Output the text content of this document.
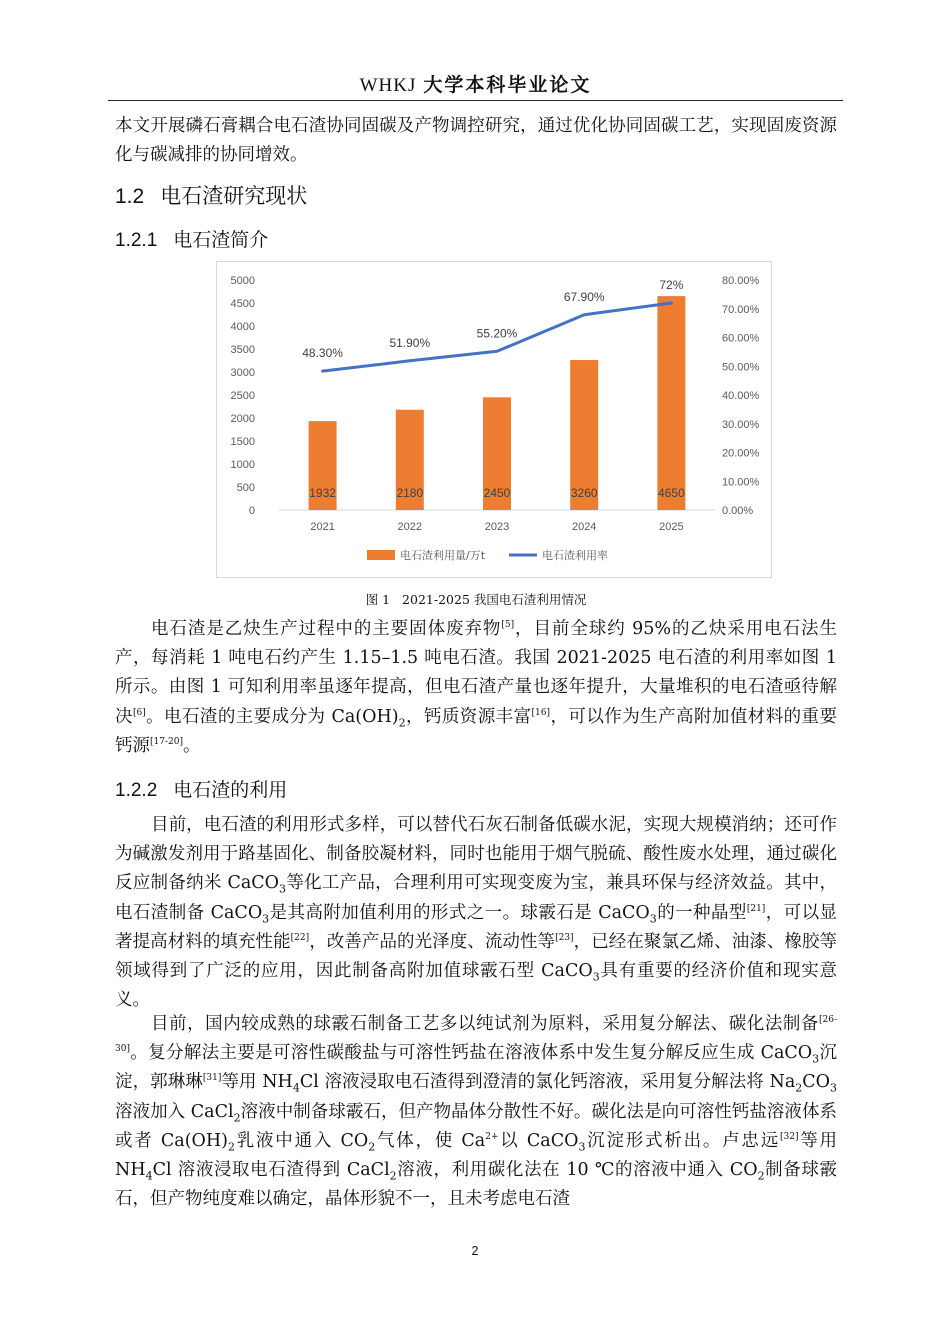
WHKJ 大学本科毕业论文

本文开展磷石膏耦合电石渣协同固碳及产物调控研究，通过优化协同固碳工艺，实现固废资源化与碳减排的协同增效。

1.2 电石渣研究现状
1.2.1 电石渣简介
0
500
1000
1500
2000
2500
3000
3500
4000
4500
5000
0.00%
10.00%
20.00%
30.00%
40.00%
50.00%
60.00%
70.00%
80.00%
1932	2180	2450	3260	4650
2021	2022	2023	2024	2025
48.30%
51.90%
55.20%
67.90%
72%
电石渣利用量/万t	电石渣利用率
图 1 2021-2025 我国电石渣利用情况

电石渣是乙炔生产过程中的主要固体废弃物[5]，目前全球约 95%的乙炔采用电石法生产，每消耗 1 吨电石约产生 1.15–1.5 吨电石渣。我国 2021-2025 电石渣的利用率如图 1 所示。由图 1 可知利用率虽逐年提高，但电石渣产量也逐年提升，大量堆积的电石渣亟待解决[6]。电石渣的主要成分为 $Ca(OH)_2$，钙质资源丰富[16]，可以作为生产高附加值材料的重要钙源[17-20]。

1.2.2 电石渣的利用

目前，电石渣的利用形式多样，可以替代石灰石制备低碳水泥，实现大规模消纳；还可作为碱激发剂用于路基固化、制备胶凝材料，同时也能用于烟气脱硫、酸性废水处理，通过碳化反应制备纳米 CaCO$_3$等化工产品，合理利用可实现变废为宝，兼具环保与经济效益。其中，电石渣制备 CaCO$_3$是其高附加值利用的形式之一。球霰石是 CaCO$_3$的一种晶型[21]，可以显著提高材料的填充性能[22]，改善产品的光泽度、流动性等[23]，已经在聚氯乙烯、油漆、橡胶等领域得到了广泛的应用，因此制备高附加值球霰石型 CaCO$_3$具有重要的经济价值和现实意义。

目前，国内较成熟的球霰石制备工艺多以纯试剂为原料，采用复分解法、碳化法制备[26-30]。复分解法主要是可溶性碳酸盐与可溶性钙盐在溶液体系中发生复分解反应生成 CaCO$_3$沉淀，郭琳琳[31]等用 $NH_4Cl$ 溶液浸取电石渣得到澄清的氯化钙溶液，采用复分解法将 $Na_2CO_3$溶液加入 CaCl$_2$溶液中制备球霰石，但产物晶体分散性不好。碳化法是向可溶性钙盐溶液体系或者 $Ca(OH)_2$乳液中通入 $CO_2$气体，使 $Ca^{2+}$以 CaCO$_3$沉淀形式析出。卢忠远[32]等用 $NH_4Cl$ 溶液浸取电石渣得到 CaCl$_2$溶液，利用碳化法在 10 ℃的溶液中通入 $CO_2$制备球霰石，但产物纯度难以确定，晶体形貌不一，且未考虑电石渣

2
